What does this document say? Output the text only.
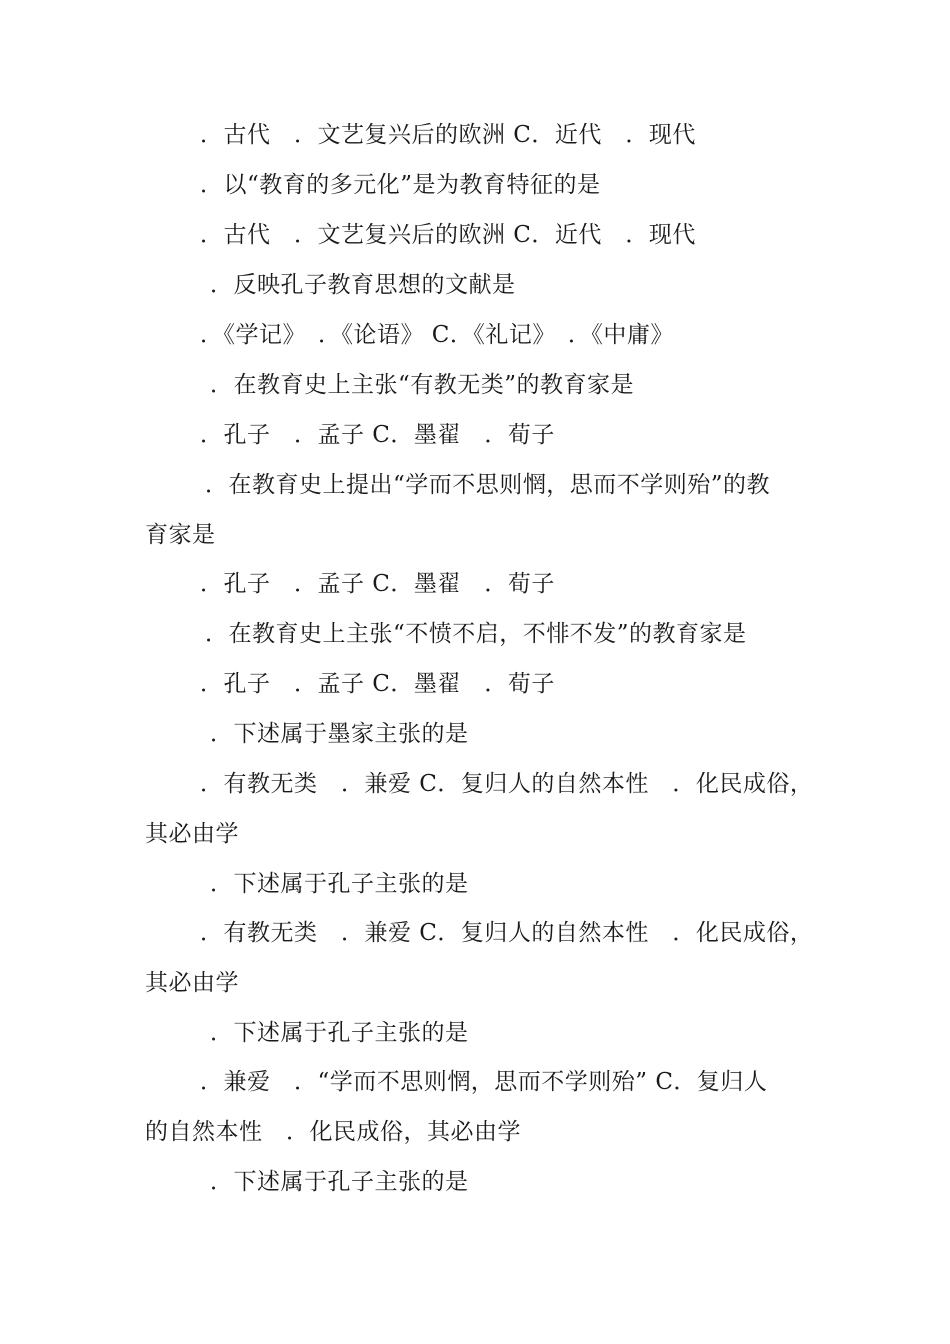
．古代　．文艺复兴后的欧洲 C．近代　．现代
．以“教育的多元化”是为教育特征的是
．古代　．文艺复兴后的欧洲 C．近代　．现代
．反映孔子教育思想的文献是
．《学记》　．《论语》 C．《礼记》　．《中庸》
．在教育史上主张“有教无类”的教育家是
．孔子　．孟子 C．墨翟　．荀子
．在教育史上提出“学而不思则惘，思而不学则殆”的教
育家是
．孔子　．孟子 C．墨翟　．荀子
．在教育史上主张“不愤不启，不悱不发”的教育家是
．孔子　．孟子 C．墨翟　．荀子
．下述属于墨家主张的是
．有教无类　．兼爱 C．复归人的自然本性　．化民成俗，
其必由学
．下述属于孔子主张的是
．有教无类　．兼爱 C．复归人的自然本性　．化民成俗，
其必由学
．下述属于孔子主张的是
．兼爱　．“学而不思则惘，思而不学则殆” C．复归人
的自然本性　．化民成俗，其必由学
．下述属于孔子主张的是
